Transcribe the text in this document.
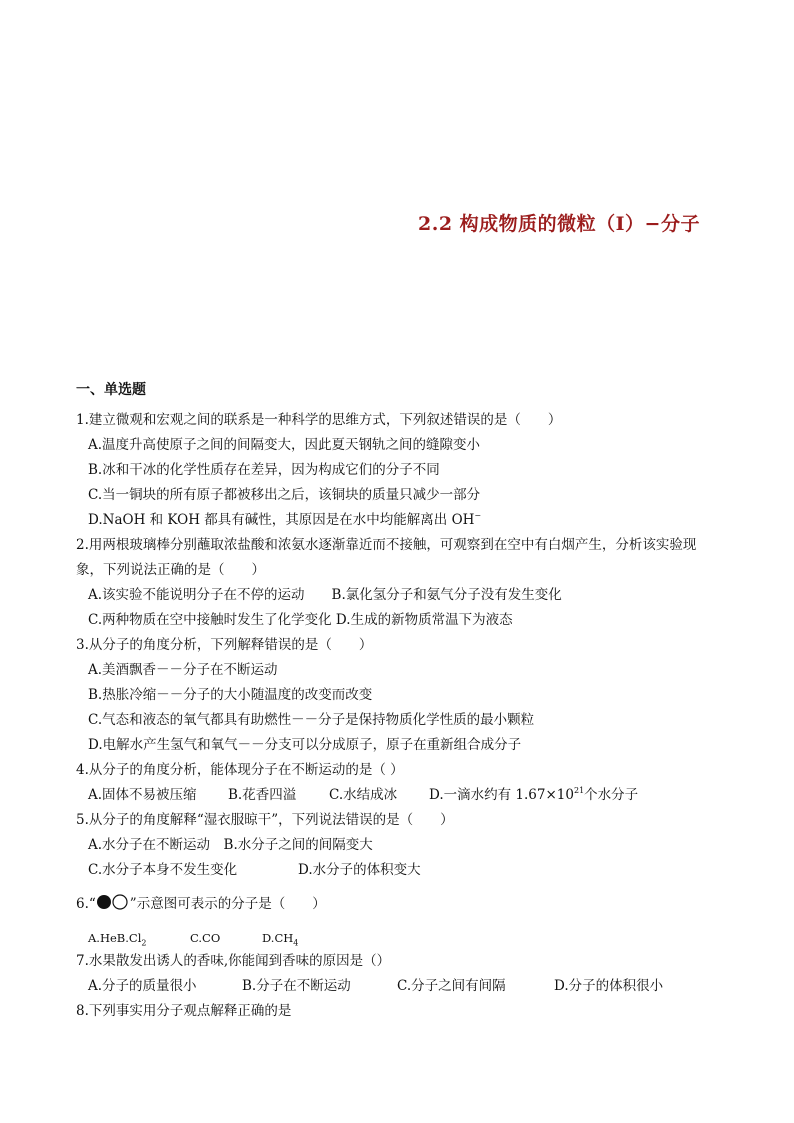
2.2 构成物质的微粒（I）−分子
一、单选题
1.建立微观和宏观之间的联系是一种科学的思维方式，下列叙述错误的是（　　）
A.温度升高使原子之间的间隔变大，因此夏天钢轨之间的缝隙变小
B.冰和干冰的化学性质存在差异，因为构成它们的分子不同
C.当一铜块的所有原子都被移出之后，该铜块的质量只减少一部分
D.NaOH 和 KOH 都具有碱性，其原因是在水中均能解离出 OH−
2.用两根玻璃棒分别蘸取浓盐酸和浓氨水逐渐靠近而不接触，可观察到在空中有白烟产生，分析该实验现
象，下列说法正确的是（　　）
A.该实验不能说明分子在不停的运动　　B.氯化氢分子和氨气分子没有发生变化
C.两种物质在空中接触时发生了化学变化 D.生成的新物质常温下为液态
3.从分子的角度分析，下列解释错误的是（　　）
A.美酒飘香－－分子在不断运动
B.热胀冷缩－－分子的大小随温度的改变而改变
C.气态和液态的氧气都具有助燃性－－分子是保持物质化学性质的最小颗粒
D.电解水产生氢气和氧气－－分支可以分成原子，原子在重新组合成分子
4.从分子的角度分析，能体现分子在不断运动的是（ ）
A.固体不易被压缩 B.花香四溢 C.水结成冰 D.一滴水约有 $1.67\times 10^{21}$个水分子
5.从分子的角度解释“湿衣服晾干”，下列说法错误的是（　　）
A.水分子在不断运动　B.水分子之间的间隔变大
C.水分子本身不发生变化	D.水分子的体积变大
6.“	”示意图可表示的分子是（　　）
$A.HeB.Cl_2$	C.CO	$D.CH_4$
7.水果散发出诱人的香味,你能闻到香味的原因是（）
A.分子的质量很小	B.分子在不断运动	C.分子之间有间隔	D.分子的体积很小
8.下列事实用分子观点解释正确的是
